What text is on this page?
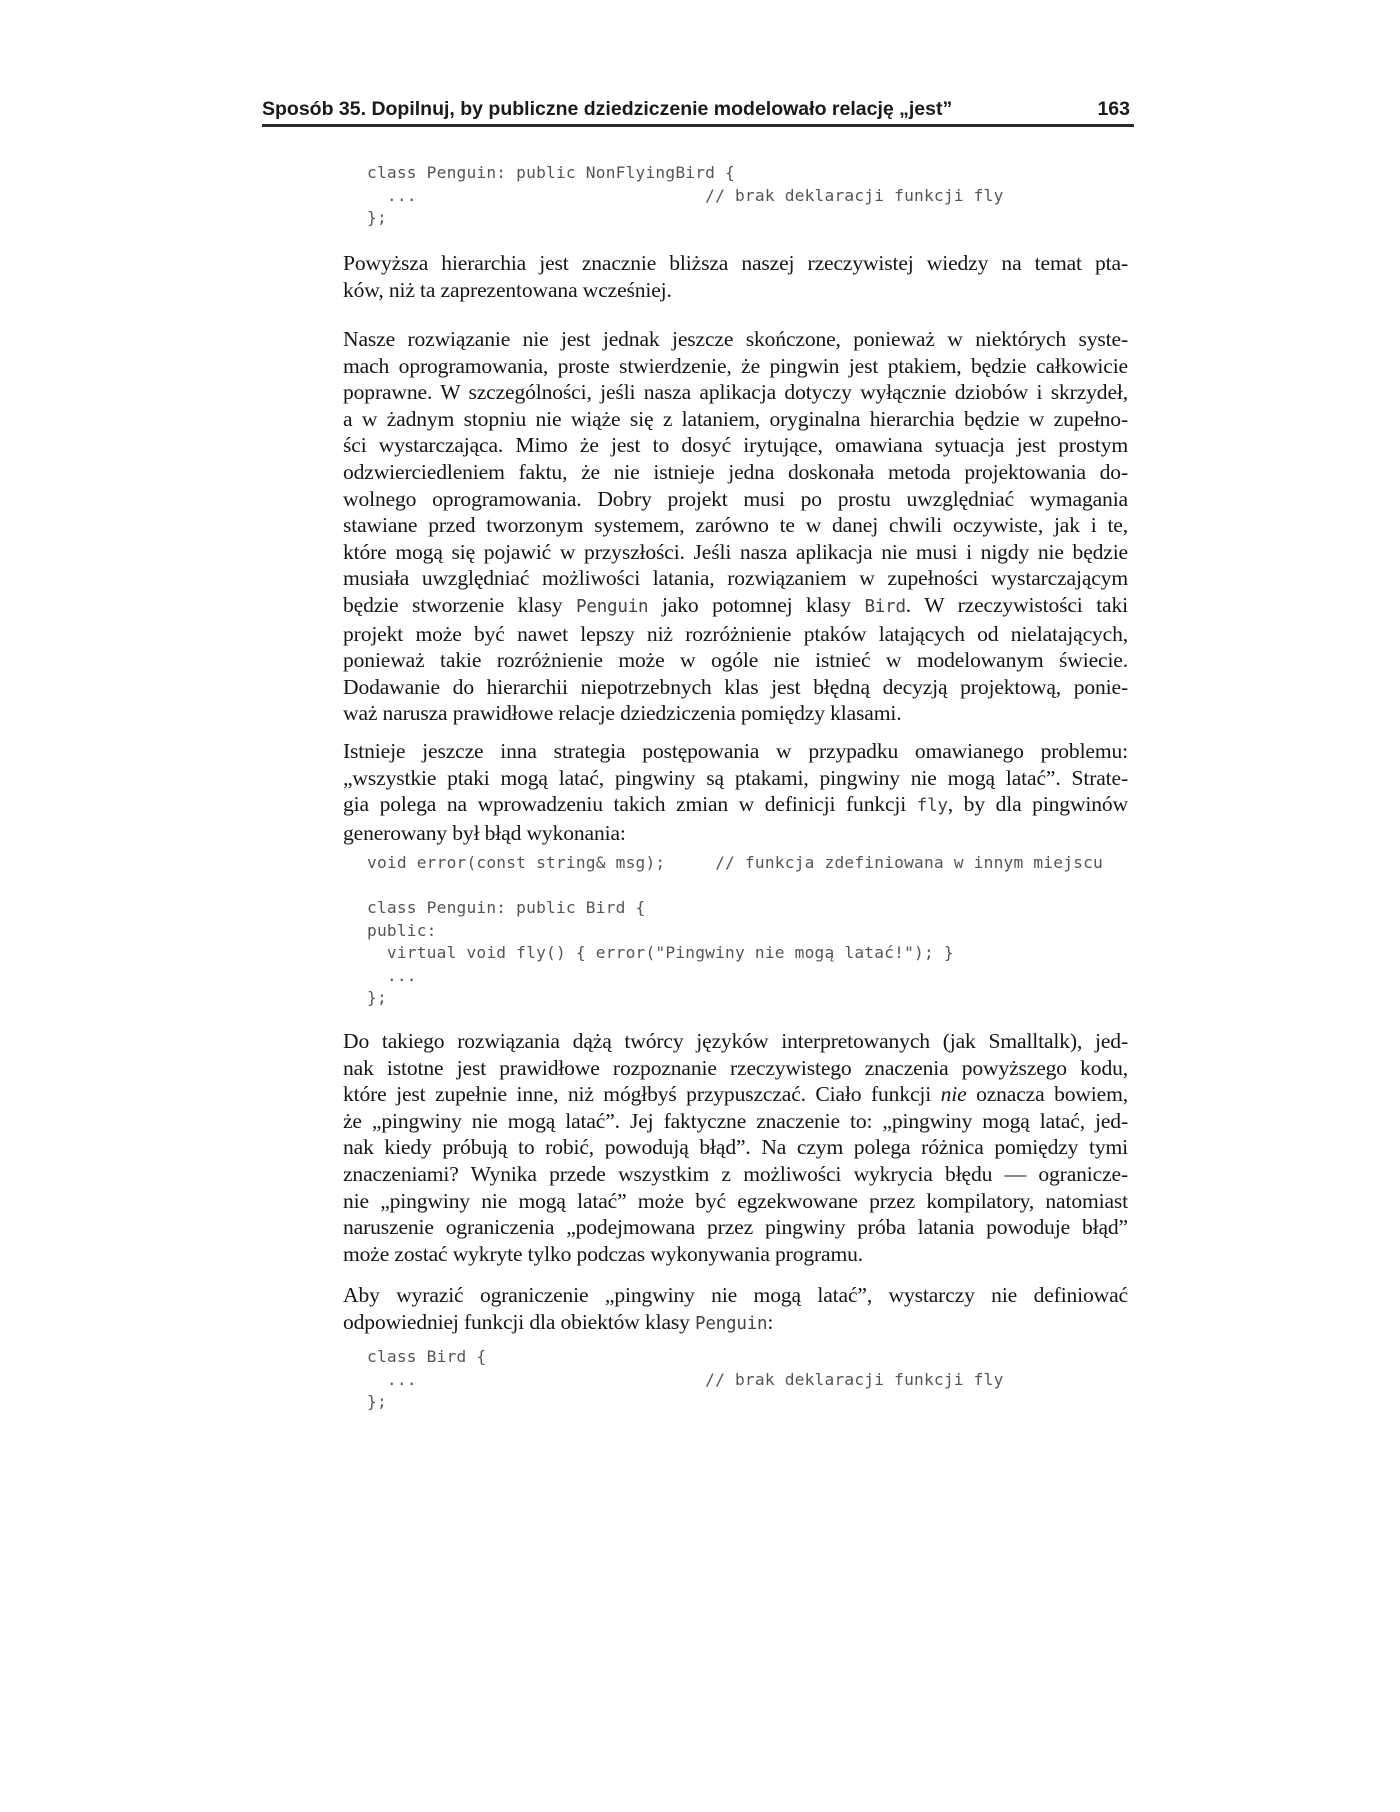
Sposób 35. Dopilnuj, by publiczne dziedziczenie modelowało relację „jest”	163
class Penguin: public NonFlyingBird {
...                             // brak deklaracji funkcji fly
};
Powyższa hierarchia jest znacznie bliższa naszej rzeczywistej wiedzy na temat pta-
ków, niż ta zaprezentowana wcześniej.
Nasze rozwiązanie nie jest jednak jeszcze skończone, ponieważ w niektórych syste-
mach oprogramowania, proste stwierdzenie, że pingwin jest ptakiem, będzie całkowicie
poprawne. W szczególności, jeśli nasza aplikacja dotyczy wyłącznie dziobów i skrzydeł,
a w żadnym stopniu nie wiąże się z lataniem, oryginalna hierarchia będzie w zupełno-
ści wystarczająca. Mimo że jest to dosyć irytujące, omawiana sytuacja jest prostym
odzwierciedleniem faktu, że nie istnieje jedna doskonała metoda projektowania do-
wolnego oprogramowania. Dobry projekt musi po prostu uwzględniać wymagania
stawiane przed tworzonym systemem, zarówno te w danej chwili oczywiste, jak i te,
które mogą się pojawić w przyszłości. Jeśli nasza aplikacja nie musi i nigdy nie będzie
musiała uwzględniać możliwości latania, rozwiązaniem w zupełności wystarczającym
będzie stworzenie klasy Penguin jako potomnej klasy Bird. W rzeczywistości taki
projekt może być nawet lepszy niż rozróżnienie ptaków latających od nielatających,
ponieważ takie rozróżnienie może w ogóle nie istnieć w modelowanym świecie.
Dodawanie do hierarchii niepotrzebnych klas jest błędną decyzją projektową, ponie-
waż narusza prawidłowe relacje dziedziczenia pomiędzy klasami.
Istnieje jeszcze inna strategia postępowania w przypadku omawianego problemu:
„wszystkie ptaki mogą latać, pingwiny są ptakami, pingwiny nie mogą latać”. Strate-
gia polega na wprowadzeniu takich zmian w definicji funkcji fly, by dla pingwinów
generowany był błąd wykonania:
void error(const string& msg);     // funkcja zdefiniowana w innym miejscu

class Penguin: public Bird {
public:
virtual void fly() { error("Pingwiny nie mogą latać!"); }
...
};
Do takiego rozwiązania dążą twórcy języków interpretowanych (jak Smalltalk), jed-
nak istotne jest prawidłowe rozpoznanie rzeczywistego znaczenia powyższego kodu,
które jest zupełnie inne, niż mógłbyś przypuszczać. Ciało funkcji nie oznacza bowiem,
że „pingwiny nie mogą latać”. Jej faktyczne znaczenie to: „pingwiny mogą latać, jed-
nak kiedy próbują to robić, powodują błąd”. Na czym polega różnica pomiędzy tymi
znaczeniami? Wynika przede wszystkim z możliwości wykrycia błędu — ogranicze-
nie „pingwiny nie mogą latać” może być egzekwowane przez kompilatory, natomiast
naruszenie ograniczenia „podejmowana przez pingwiny próba latania powoduje błąd”
może zostać wykryte tylko podczas wykonywania programu.
Aby wyrazić ograniczenie „pingwiny nie mogą latać”, wystarczy nie definiować
odpowiedniej funkcji dla obiektów klasy Penguin:
class Bird {
...                             // brak deklaracji funkcji fly
};
